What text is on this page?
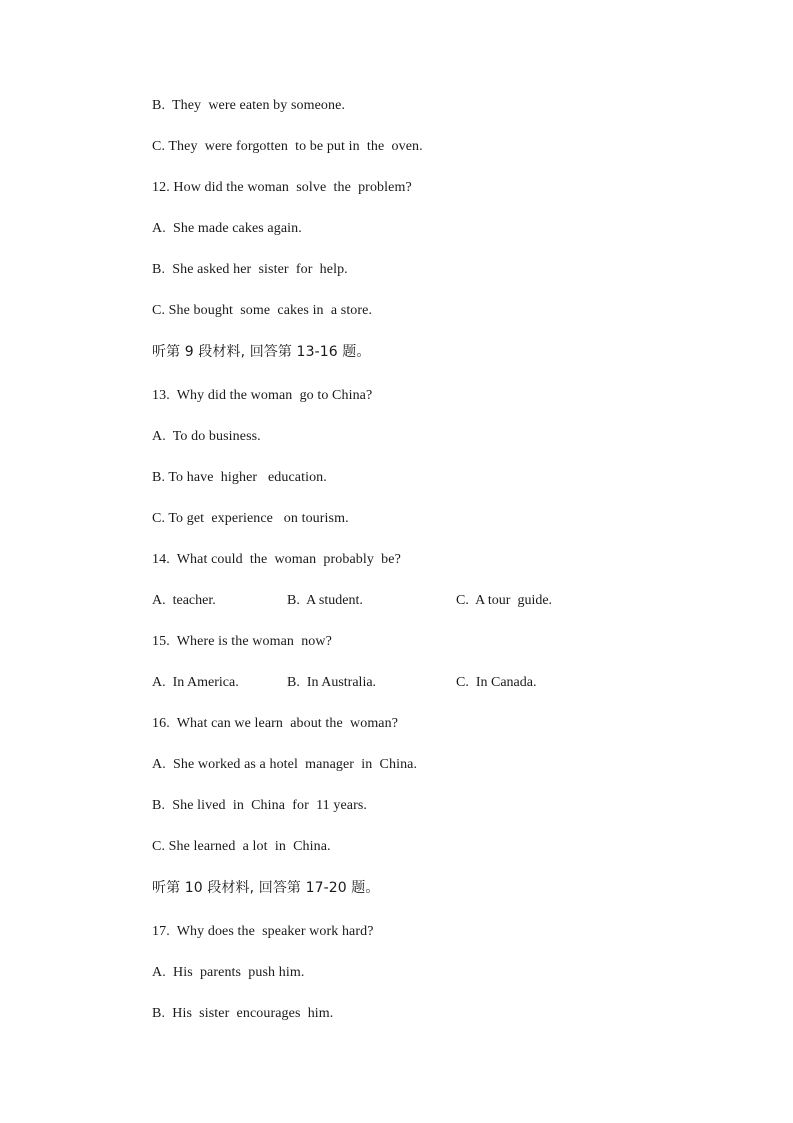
B.  They  were eaten by someone.
C. They  were forgotten  to be put in  the  oven.
12. How did the woman  solve  the  problem?
A.  She made cakes again.
B.  She asked her  sister  for  help.
C. She bought  some  cakes in  a store.
听第 9 段材料, 回答第 13-16 题。
13.  Why did the woman  go to China?
A.  To do business.
B. To have  higher   education.
C. To get  experience   on tourism.
14.  What could  the  woman  probably  be?
A.  teacher.	B.  A student.	C.  A tour  guide.
15.  Where is the woman  now?
A.  In America.	B.  In Australia.	C.  In Canada.
16.  What can we learn  about the  woman?
A.  She worked as a hotel  manager  in  China.
B.  She lived  in  China  for  11 years.
C. She learned  a lot  in  China.
听第 10 段材料, 回答第 17-20 题。
17.  Why does the  speaker work hard?
A.  His  parents  push him.
B.  His  sister  encourages  him.
